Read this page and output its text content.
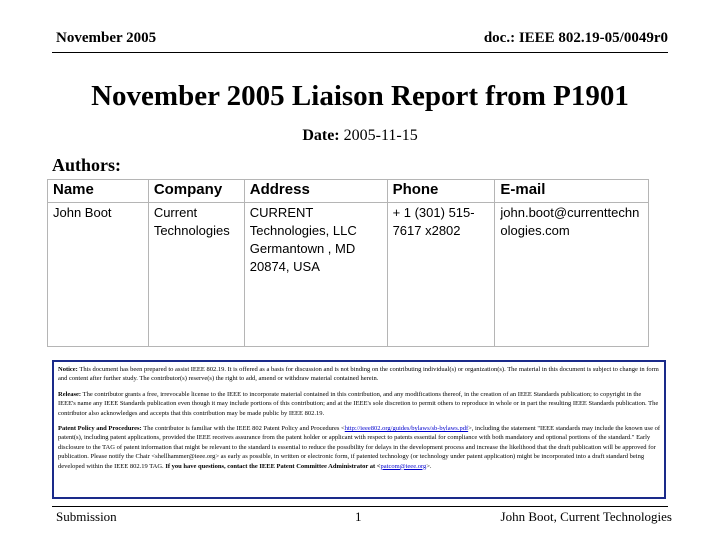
November 2005	doc.: IEEE 802.19-05/0049r0
November 2005 Liaison Report from P1901
Date: 2005-11-15
Authors:
Name	Company	Address	Phone	E-mail
John Boot	Current Technologies	CURRENT Technologies, LLC Germantown , MD 20874, USA	+ 1 (301) 515-7617 x2802	john.boot@currenttechnologies.com

Notice: This document has been prepared to assist IEEE 802.19. It is offered as a basis for discussion and is not binding on the contributing individual(s) or organization(s). The material in this document is subject to change in form and content after further study. The contributor(s) reserve(s) the right to add, amend or withdraw material contained herein.

Release: The contributor grants a free, irrevocable license to the IEEE to incorporate material contained in this contribution, and any modifications thereof, in the creation of an IEEE Standards publication; to copyright in the IEEE's name any IEEE Standards publication even though it may include portions of this contribution; and at the IEEE's sole discretion to permit others to reproduce in whole or in part the resulting IEEE Standards publication. The contributor also acknowledges and accepts that this contribution may be made public by IEEE 802.19.

Patent Policy and Procedures: The contributor is familiar with the IEEE 802 Patent Policy and Procedures <http://ieee802.org/guides/bylaws/sb-bylaws.pdf>, including the statement "IEEE standards may include the known use of patent(s), including patent applications, provided the IEEE receives assurance from the patent holder or applicant with respect to patents essential for compliance with both mandatory and optional portions of the standard." Early disclosure to the TAG of patent information that might be relevant to the standard is essential to reduce the possibility for delays in the development process and increase the likelihood that the draft publication will be approved for publication. Please notify the Chair <shellhammer@ieee.org> as early as possible, in written or electronic form, if patented technology (or technology under patent application) might be incorporated into a draft standard being developed within the IEEE 802.19 TAG. If you have questions, contact the IEEE Patent Committee Administrator at <patcom@ieee.org>.

Submission	1	John Boot, Current Technologies
